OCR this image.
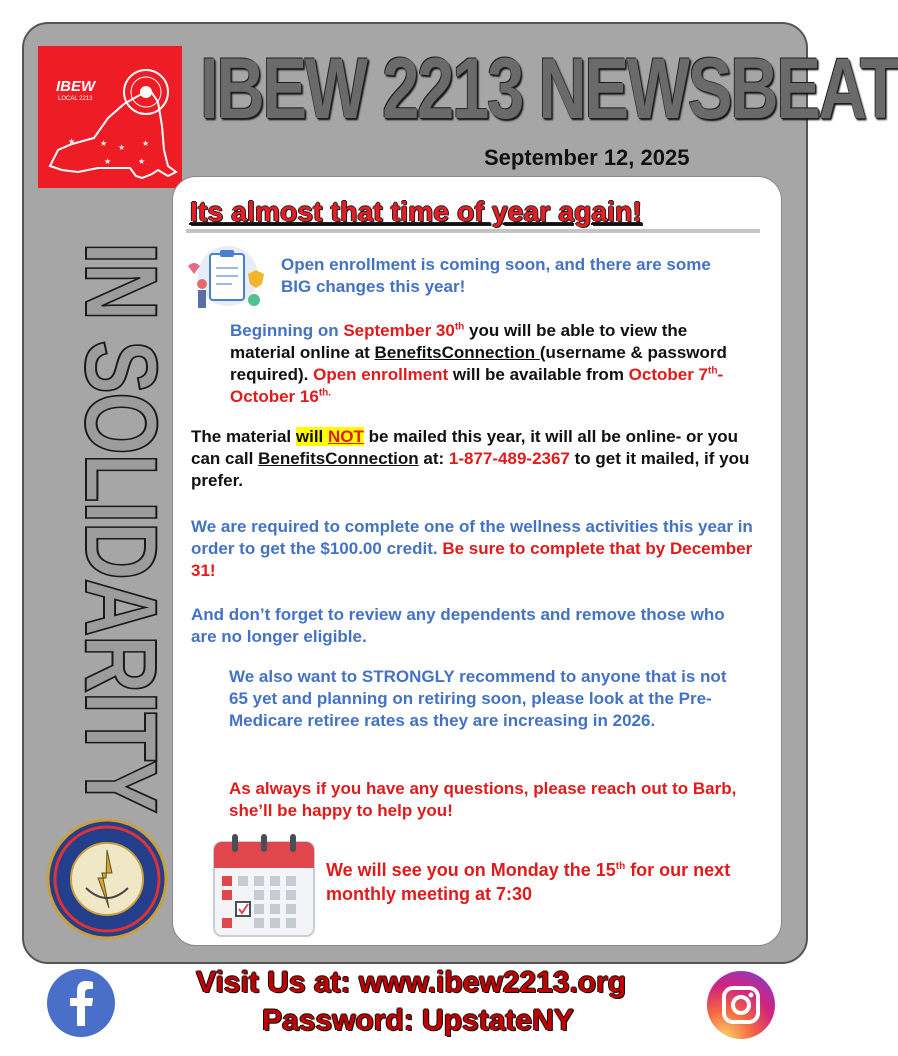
★	★ ★ ★
★	★
IBEW
LOCAL 2213 IBEW 2213 NEWSBEAT
September 12, 2025
IN SOLIDARITY
Its almost that time of year again!
Open enrollment is coming soon, and there are some BIG changes this year!
Beginning on September 30th you will be able to view the material online at BenefitsConnection (username & password required). Open enrollment will be available from October 7th-October $16^{th.}$
The material will NOT be mailed this year, it will all be online- or you can call BenefitsConnection at: 1-877-489-2367 to get it mailed, if you prefer.
We are required to complete one of the wellness activities this year in order to get the $100.00 credit. Be sure to complete that by December 31!
And don’t forget to review any dependents and remove those who are no longer eligible.
We also want to STRONGLY recommend to anyone that is not 65 yet and planning on retiring soon, please look at the Pre-Medicare retiree rates as they are increasing in 2026.
As always if you have any questions, please reach out to Barb, she’ll be happy to help you!
We will see you on Monday the 15th for our next monthly meeting at 7:30
Visit Us at: www.ibew2213.org
Password: UpstateNY
